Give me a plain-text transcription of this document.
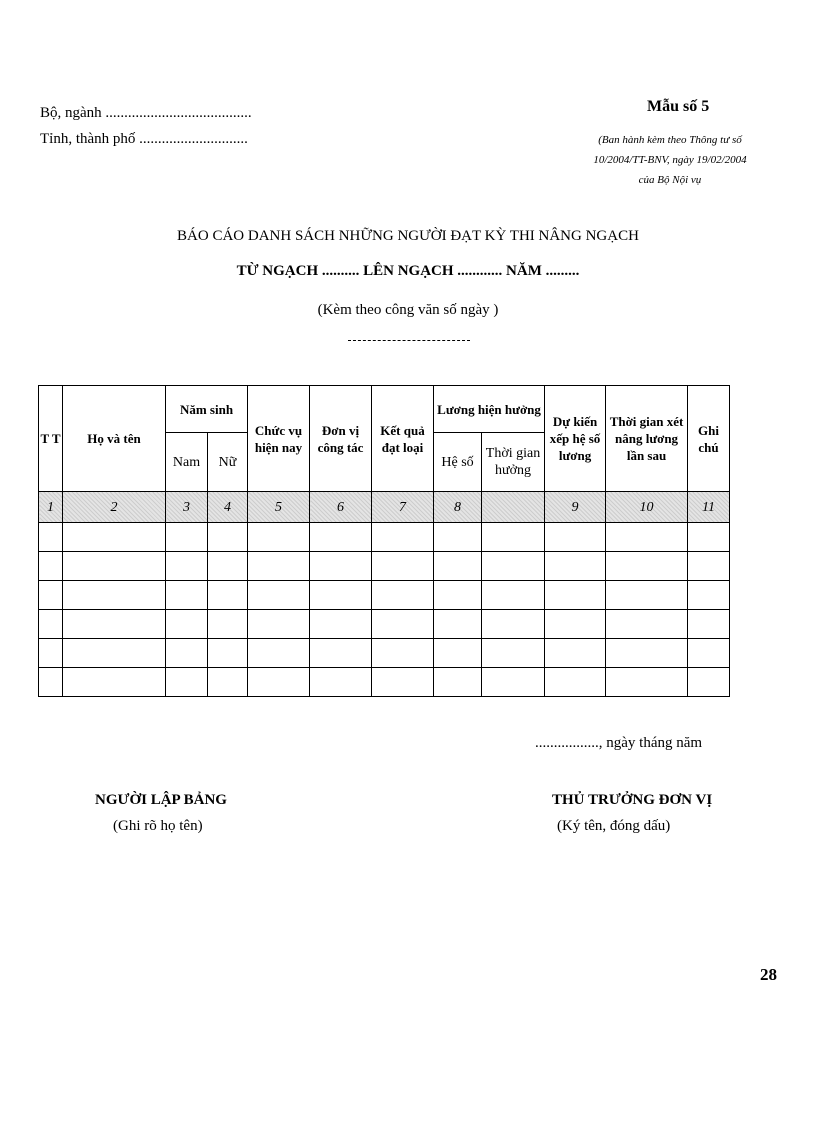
Bộ, ngành .......................................
Tỉnh, thành phố .............................
Mẫu số 5
(Ban hành kèm theo Thông tư số
10/2004/TT-BNV, ngày 19/02/2004
của Bộ Nội vụ
BÁO CÁO DANH SÁCH NHỮNG NGƯỜI ĐẠT KỲ THI NÂNG NGẠCH
TỪ NGẠCH .......... LÊN NGẠCH ............ NĂM .........
(Kèm theo công văn số ngày )
T T	Họ và tên	Năm sinh		Chức vụ hiện nay	Đơn vị công tác	Kết quả đạt loại	Lương hiện hưởng		Dự kiến xếp hệ số lương	Thời gian xét nâng lương lần sau	Ghi chú
		Nam	Nữ				Hệ số	Thời gian hưởng			
1	2	3	4	5	6	7	8		9	10	11

................., ngày tháng năm
NGƯỜI LẬP BẢNG
(Ghi rõ họ tên)
THỦ TRƯỞNG ĐƠN VỊ
(Ký tên, đóng dấu)
28
